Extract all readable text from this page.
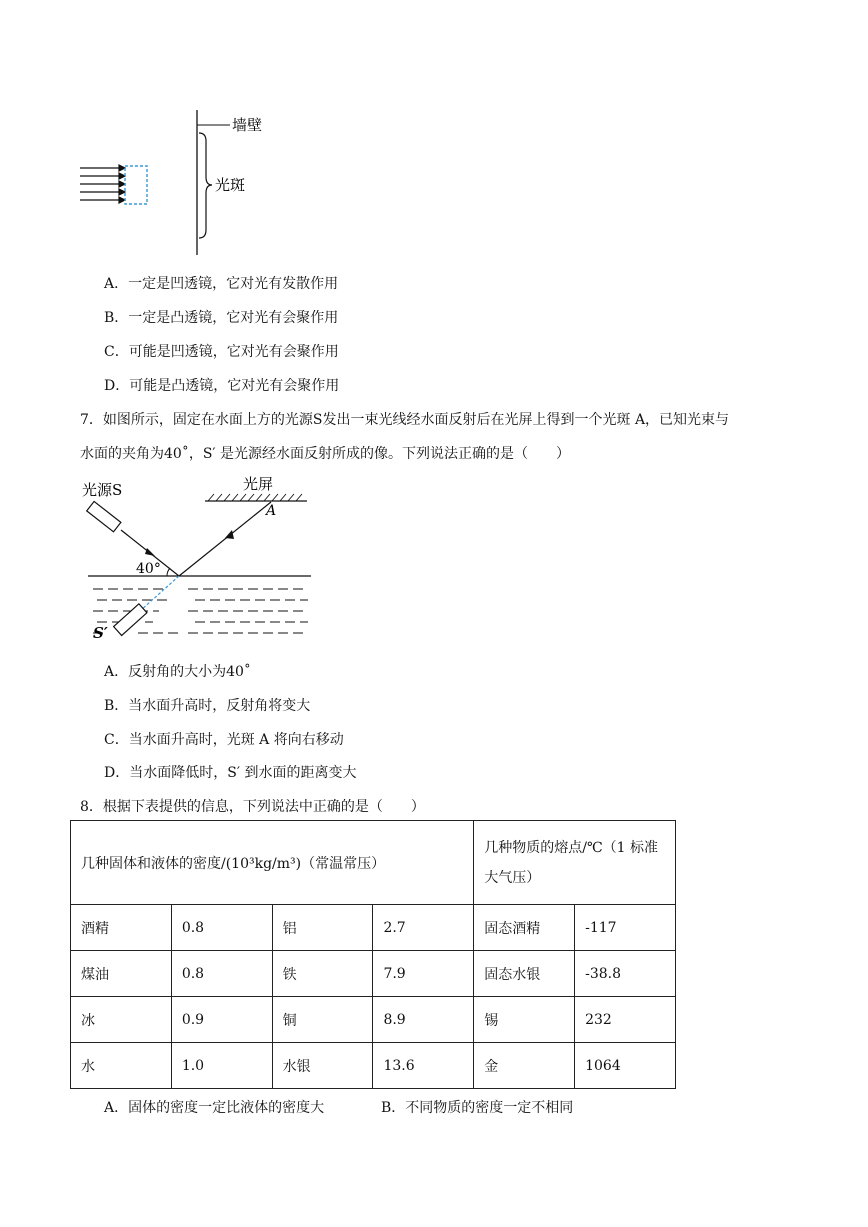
墙壁
光斑
A．一定是凹透镜，它对光有发散作用
B．一定是凸透镜，它对光有会聚作用
C．可能是凹透镜，它对光有会聚作用
D．可能是凸透镜，它对光有会聚作用
7．如图所示，固定在水面上方的光源S发出一束光线经水面反射后在光屏上得到一个光斑 A，已知光束与
水面的夹角为40˚，S′ 是光源经水面反射所成的像。下列说法正确的是（　　）
光源S	光屏
A
40°
S′
A．反射角的大小为40˚
B．当水面升高时，反射角将变大
C．当水面升高时，光斑 A 将向右移动
D．当水面降低时，S′ 到水面的距离变大
8．根据下表提供的信息，下列说法中正确的是（　　）
几种固体和液体的密度/(10³kg/m³)（常温常压）				几种物质的熔点/℃（1 标准
大气压）	

酒精	0.8	铝	2.7	固态酒精	-117
煤油	0.8	铁	7.9	固态水银	-38.8
冰	0.9	铜	8.9	锡	232
水	1.0	水银	13.6	金	1064
A．固体的密度一定比液体的密度大	B．不同物质的密度一定不相同
